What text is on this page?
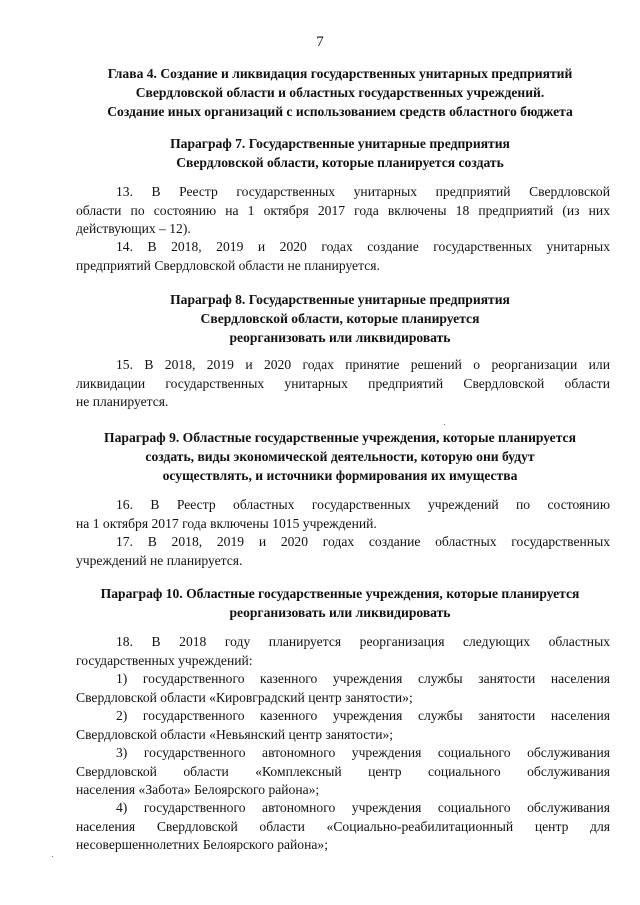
7
Глава 4. Создание и ликвидация государственных унитарных предприятий
Свердловской области и областных государственных учреждений.
Создание иных организаций с использованием средств областного бюджета
Параграф 7. Государственные унитарные предприятия
Свердловской области, которые планируется создать
13. В Реестр государственных унитарных предприятий Свердловской
области по состоянию на 1 октября 2017 года включены 18 предприятий (из них
действующих – 12).
14. В 2018, 2019 и 2020 годах создание государственных унитарных
предприятий Свердловской области не планируется.
Параграф 8. Государственные унитарные предприятия
Свердловской области, которые планируется
реорганизовать или ликвидировать
15. В 2018, 2019 и 2020 годах принятие решений о реорганизации или
ликвидации государственных унитарных предприятий Свердловской области
не планируется.
Параграф 9. Областные государственные учреждения, которые планируется
создать, виды экономической деятельности, которую они будут
осуществлять, и источники формирования их имущества
16. В Реестр областных государственных учреждений по состоянию
на 1 октября 2017 года включены 1015 учреждений.
17. В 2018, 2019 и 2020 годах создание областных государственных
учреждений не планируется.
Параграф 10. Областные государственные учреждения, которые планируется
реорганизовать или ликвидировать
18. В 2018 году планируется реорганизация следующих областных
государственных учреждений:
1) государственного казенного учреждения службы занятости населения
Свердловской области «Кировградский центр занятости»;
2) государственного казенного учреждения службы занятости населения
Свердловской области «Невьянский центр занятости»;
3) государственного автономного учреждения социального обслуживания
Свердловской области «Комплексный центр социального обслуживания
населения «Забота» Белоярского района»;
4) государственного автономного учреждения социального обслуживания
населения Свердловской области «Социально-реабилитационный центр для
несовершеннолетних Белоярского района»;
